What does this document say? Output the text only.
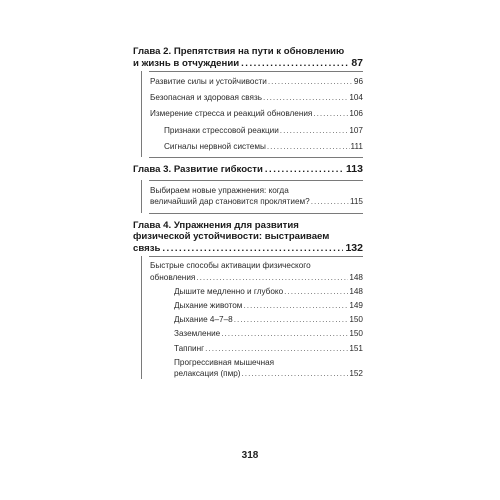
Глава 2. Препятствия на пути к обновлению
и жизнь в отчуждении .....	87
Развитие силы и устойчивости .....	96
Безопасная и здоровая связь .....	104
Измерение стресса и реакций обновления .....	106
Признаки стрессовой реакции .....	107
Сигналы нервной системы .....	111
Глава 3. Развитие гибкости .....	113
Выбираем новые упражнения: когда
величайший дар становится проклятием? .....	115
Глава 4. Упражнения для развития
физической устойчивости: выстраиваем
связь .....	132
Быстрые способы активации физического
обновления .....	148
Дышите медленно и глубоко .....	148
Дыхание животом .....	149
Дыхание 4–7–8 .....	150
Заземление .....	150
Таппинг .....	151
Прогрессивная мышечная
релаксация (пмр) .....	152
318
